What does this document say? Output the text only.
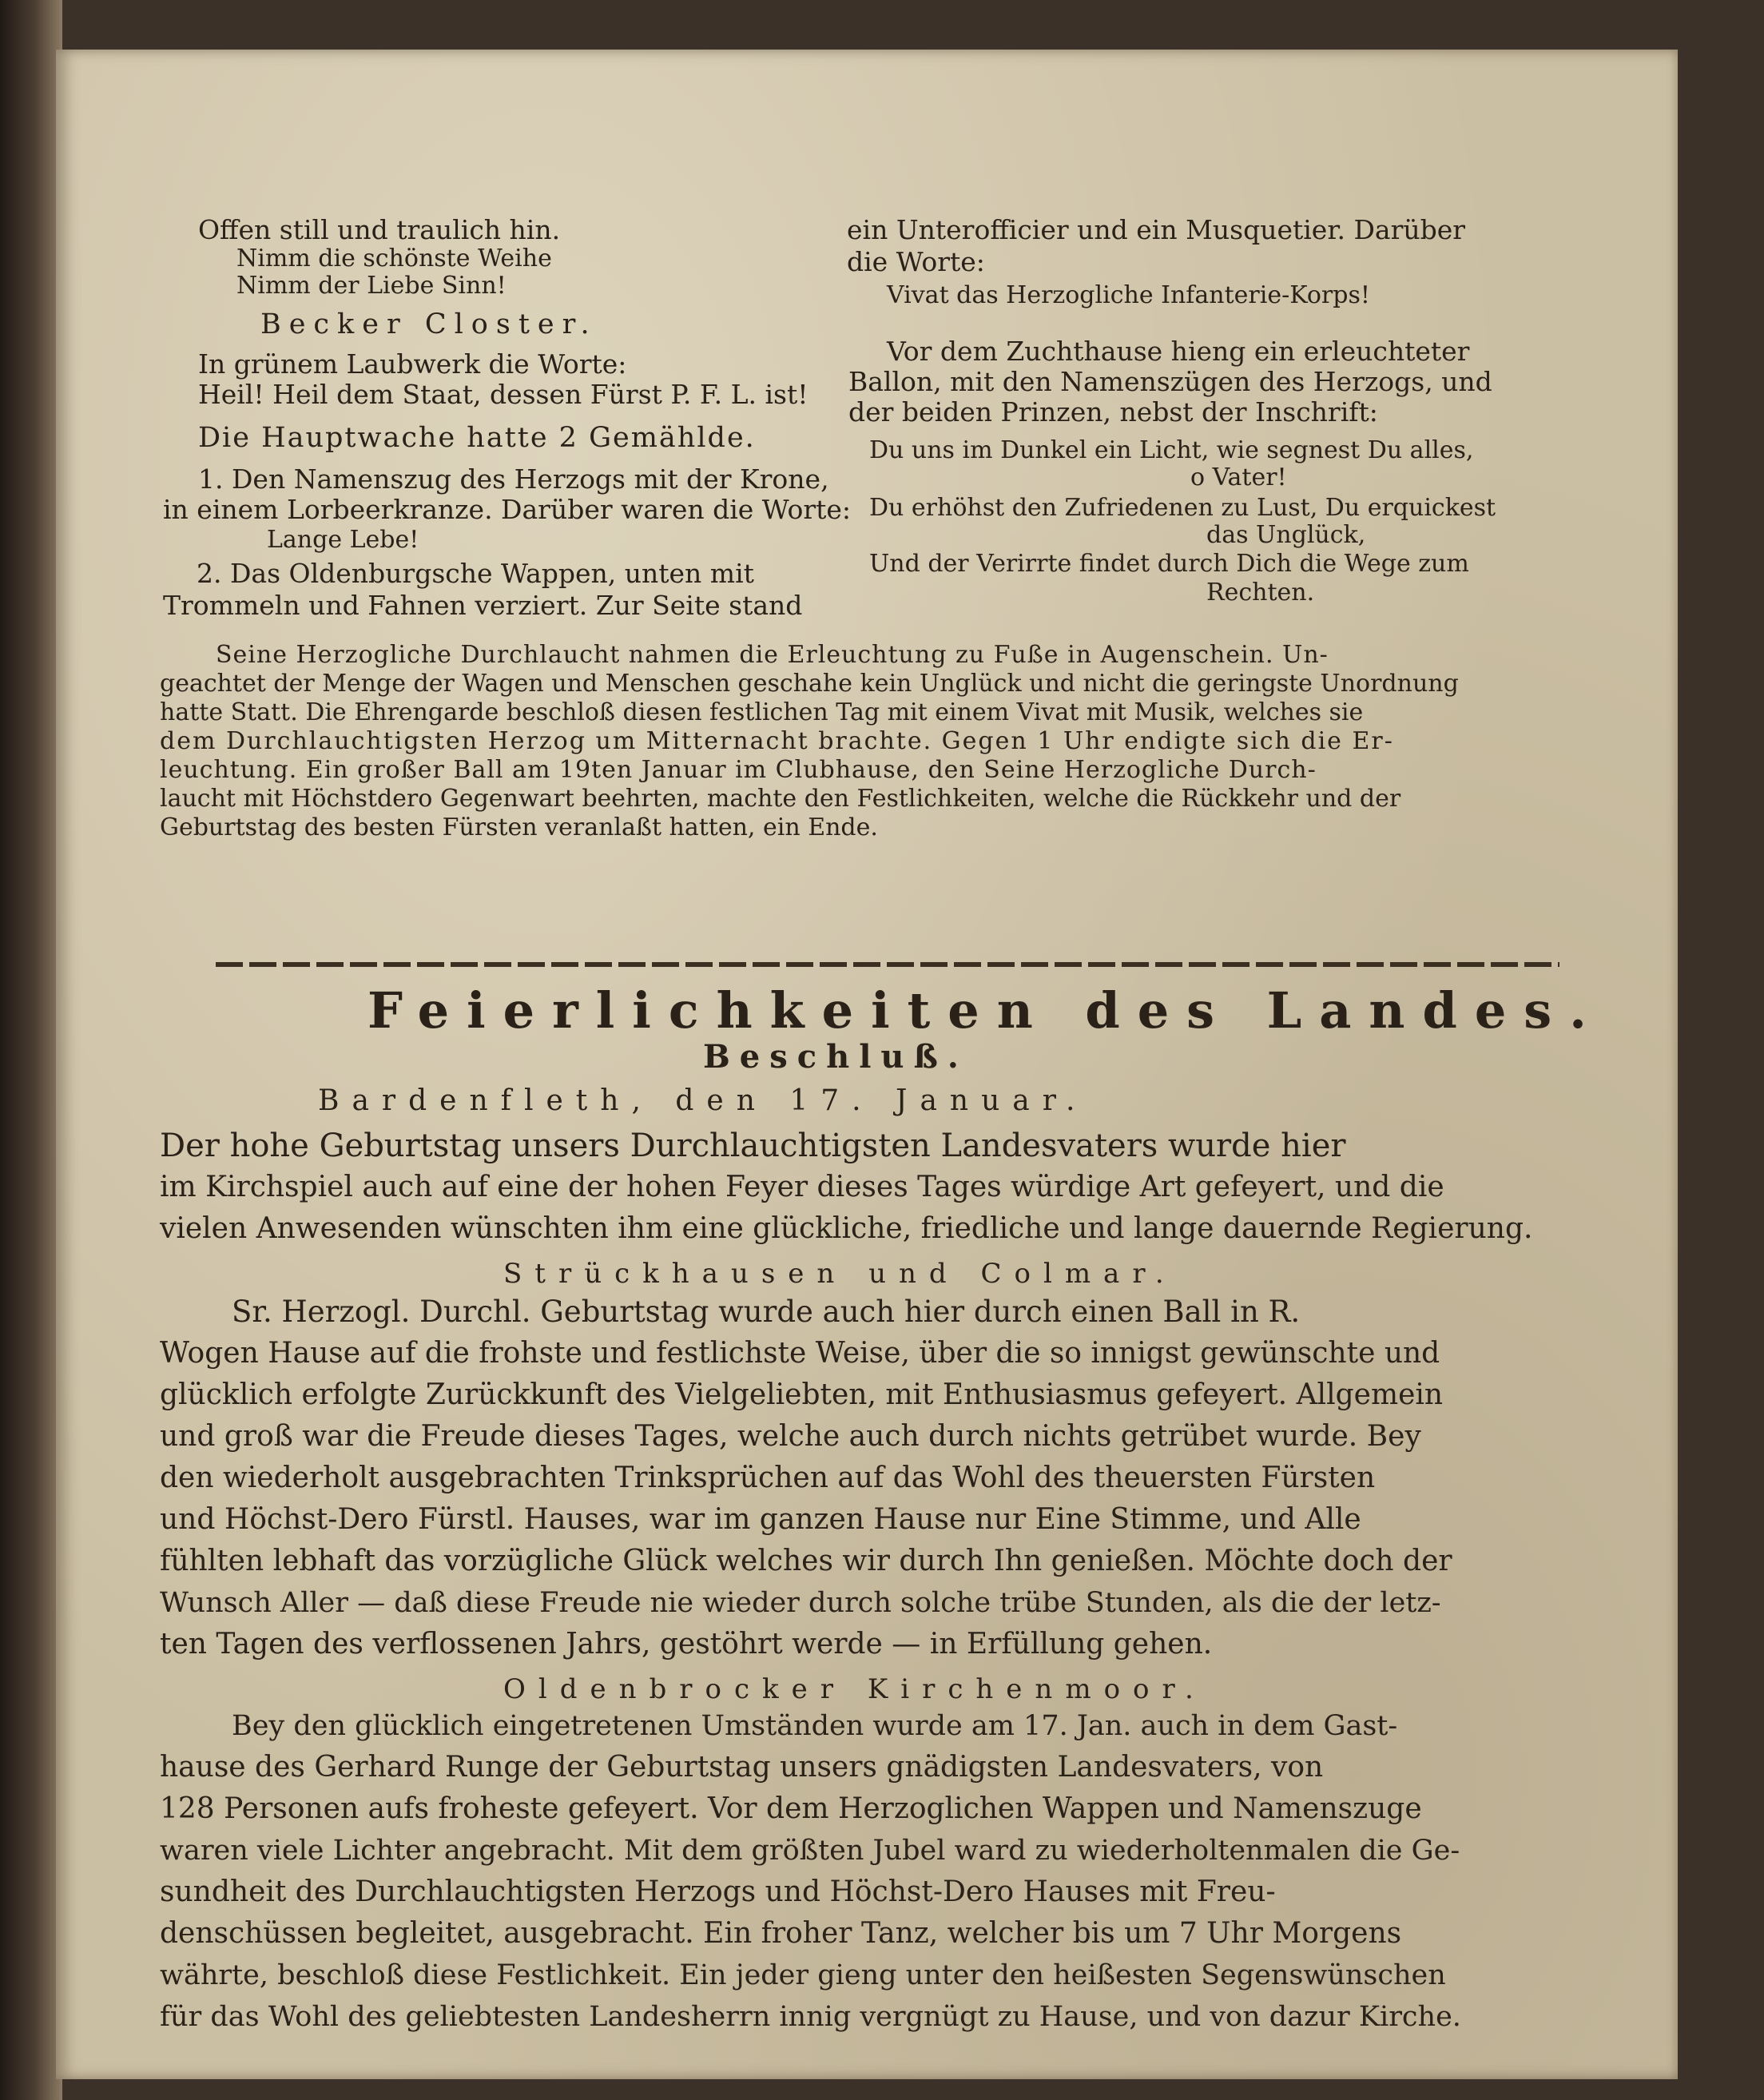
Offen still und traulich hin.
Nimm die schönste Weihe
Nimm der Liebe Sinn!
Becker Closter.
In grünem Laubwerk die Worte:
Heil! Heil dem Staat, dessen Fürst P. F. L. ist!
Die Hauptwache hatte 2 Gemählde.
1. Den Namenszug des Herzogs mit der Krone,
in einem Lorbeerkranze. Darüber waren die Worte:
Lange Lebe!
2. Das Oldenburgsche Wappen, unten mit
Trommeln und Fahnen verziert. Zur Seite stand
ein Unterofficier und ein Musquetier. Darüber
die Worte:
Vivat das Herzogliche Infanterie-Korps!
Vor dem Zuchthause hieng ein erleuchteter
Ballon, mit den Namenszügen des Herzogs, und
der beiden Prinzen, nebst der Inschrift:
Du uns im Dunkel ein Licht, wie segnest Du alles,
o Vater!
Du erhöhst den Zufriedenen zu Lust, Du erquickest
das Unglück,
Und der Verirrte findet durch Dich die Wege zum
Rechten.
Seine Herzogliche Durchlaucht nahmen die Erleuchtung zu Fuße in Augenschein. Un-
geachtet der Menge der Wagen und Menschen geschahe kein Unglück und nicht die geringste Unordnung
hatte Statt. Die Ehrengarde beschloß diesen festlichen Tag mit einem Vivat mit Musik, welches sie
dem Durchlauchtigsten Herzog um Mitternacht brachte. Gegen 1 Uhr endigte sich die Er-
leuchtung. Ein großer Ball am 19ten Januar im Clubhause, den Seine Herzogliche Durch-
laucht mit Höchstdero Gegenwart beehrten, machte den Festlichkeiten, welche die Rückkehr und der
Geburtstag des besten Fürsten veranlaßt hatten, ein Ende.
Feierlichkeiten des Landes.
Beschluß.
Bardenfleth, den 17. Januar.
Der hohe Geburtstag unsers Durchlauchtigsten Landesvaters wurde hier
im Kirchspiel auch auf eine der hohen Feyer dieses Tages würdige Art gefeyert, und die
vielen Anwesenden wünschten ihm eine glückliche, friedliche und lange dauernde Regierung.
Strückhausen und Colmar.
Sr. Herzogl. Durchl. Geburtstag wurde auch hier durch einen Ball in R.
Wogen Hause auf die frohste und festlichste Weise, über die so innigst gewünschte und
glücklich erfolgte Zurückkunft des Vielgeliebten, mit Enthusiasmus gefeyert. Allgemein
und groß war die Freude dieses Tages, welche auch durch nichts getrübet wurde. Bey
den wiederholt ausgebrachten Trinksprüchen auf das Wohl des theuersten Fürsten
und Höchst-Dero Fürstl. Hauses, war im ganzen Hause nur Eine Stimme, und Alle
fühlten lebhaft das vorzügliche Glück welches wir durch Ihn genießen. Möchte doch der
Wunsch Aller — daß diese Freude nie wieder durch solche trübe Stunden, als die der letz-
ten Tagen des verflossenen Jahrs, gestöhrt werde — in Erfüllung gehen.
Oldenbrocker Kirchenmoor.
Bey den glücklich eingetretenen Umständen wurde am 17. Jan. auch in dem Gast-
hause des Gerhard Runge der Geburtstag unsers gnädigsten Landesvaters, von
128 Personen aufs froheste gefeyert. Vor dem Herzoglichen Wappen und Namenszuge
waren viele Lichter angebracht. Mit dem größten Jubel ward zu wiederholtenmalen die Ge-
sundheit des Durchlauchtigsten Herzogs und Höchst-Dero Hauses mit Freu-
denschüssen begleitet, ausgebracht. Ein froher Tanz, welcher bis um 7 Uhr Morgens
währte, beschloß diese Festlichkeit. Ein jeder gieng unter den heißesten Segenswünschen
für das Wohl des geliebtesten Landesherrn innig vergnügt zu Hause, und von dazur Kirche.
